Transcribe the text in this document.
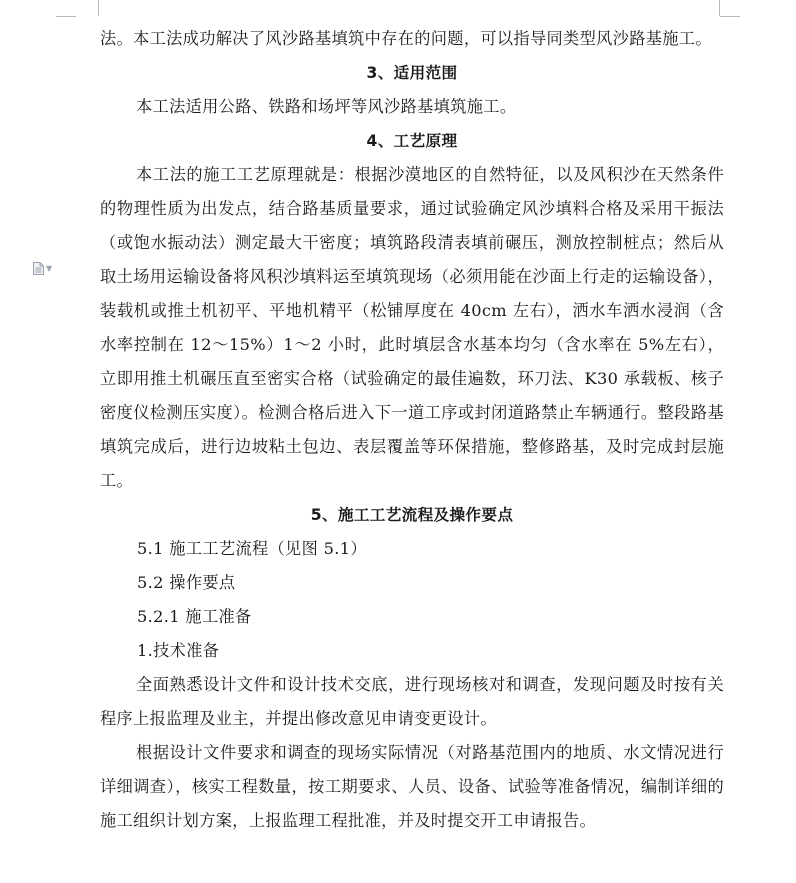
▼

法。本工法成功解决了风沙路基填筑中存在的问题，可以指导同类型风沙路基施工。

3、适用范围

本工法适用公路、铁路和场坪等风沙路基填筑施工。

4、工艺原理

本工法的施工工艺原理就是：根据沙漠地区的自然特征，以及风积沙在天然条件的物理性质为出发点，结合路基质量要求，通过试验确定风沙填料合格及采用干振法（或饱水振动法）测定最大干密度；填筑路段清表填前碾压，测放控制桩点；然后从取土场用运输设备将风积沙填料运至填筑现场（必须用能在沙面上行走的运输设备），装载机或推土机初平、平地机精平（松铺厚度在 40cm 左右），洒水车洒水浸润（含水率控制在 12～15%）1～2 小时，此时填层含水基本均匀（含水率在 5%左右），立即用推土机碾压直至密实合格（试验确定的最佳遍数，环刀法、K30 承载板、核子密度仪检测压实度）。检测合格后进入下一道工序或封闭道路禁止车辆通行。整段路基填筑完成后，进行边坡粘土包边、表层覆盖等环保措施，整修路基，及时完成封层施工。

5、施工工艺流程及操作要点

5.1 施工工艺流程（见图 5.1）

5.2 操作要点

5.2.1 施工准备

1.技术准备

全面熟悉设计文件和设计技术交底，进行现场核对和调查，发现问题及时按有关程序上报监理及业主，并提出修改意见申请变更设计。

根据设计文件要求和调查的现场实际情况（对路基范围内的地质、水文情况进行详细调查），核实工程数量，按工期要求、人员、设备、试验等准备情况，编制详细的施工组织计划方案，上报监理工程批准，并及时提交开工申请报告。
